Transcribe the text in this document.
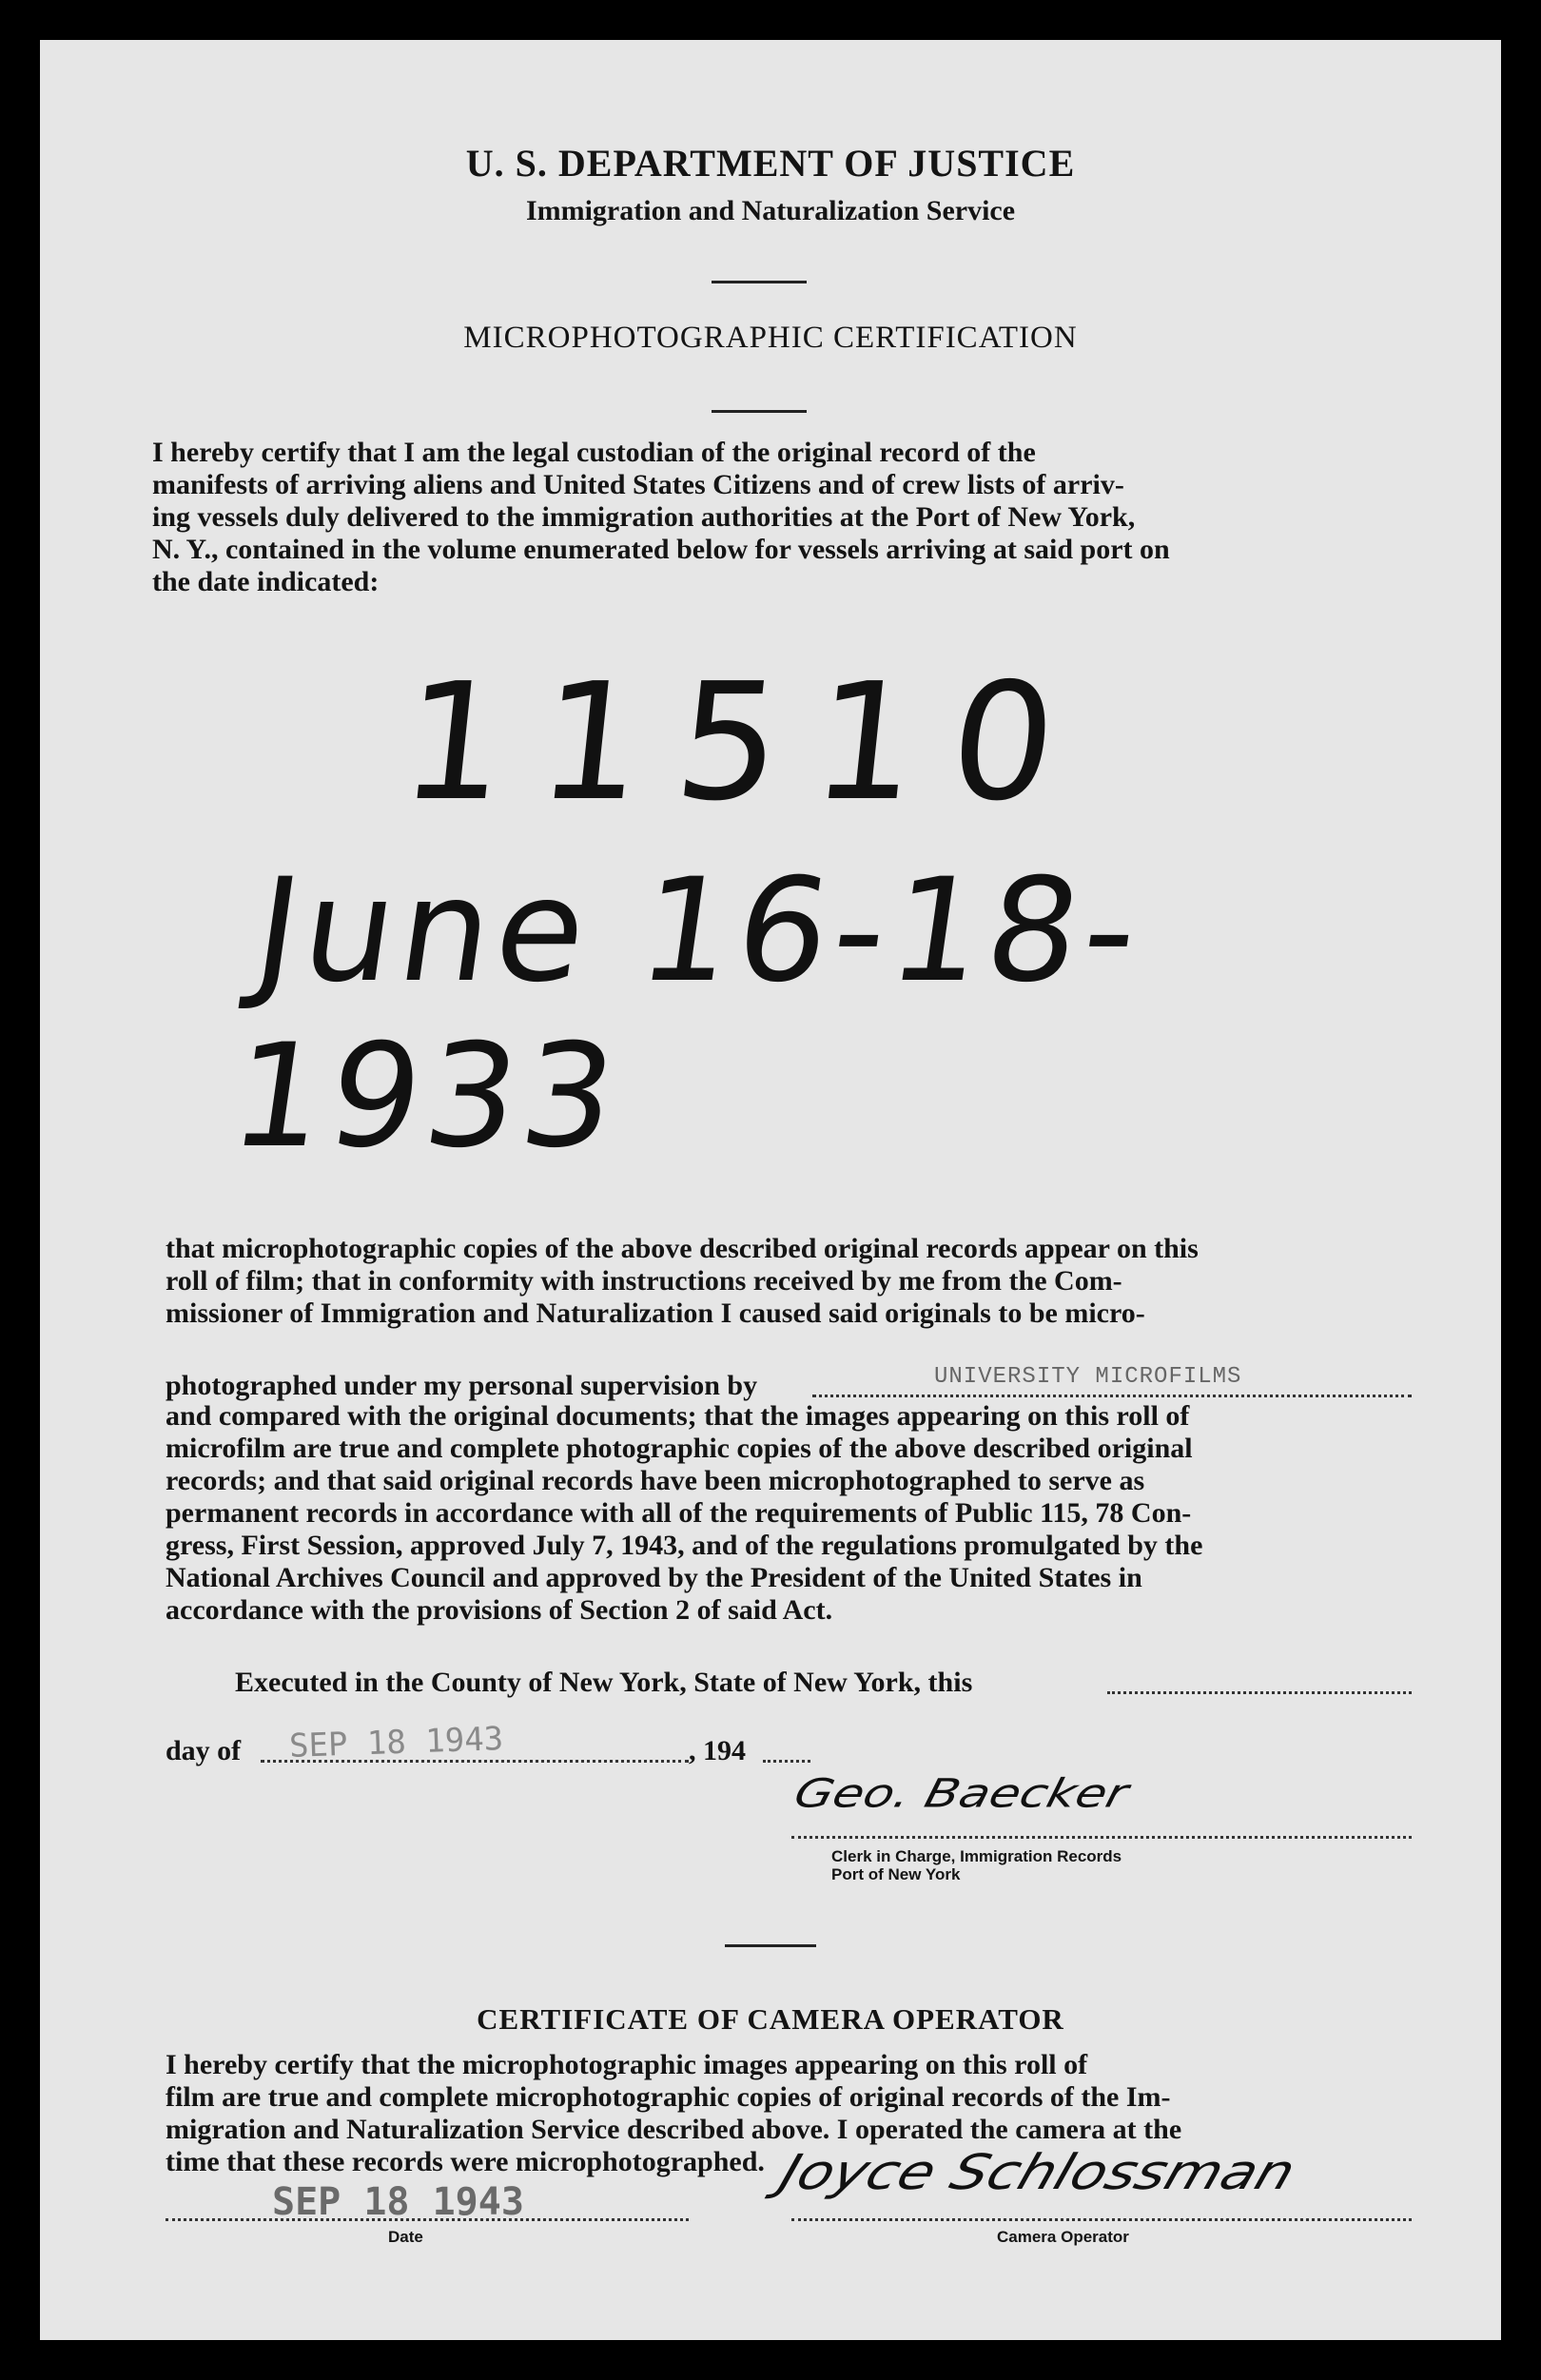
U. S. DEPARTMENT OF JUSTICE
Immigration and Naturalization Service
MICROPHOTOGRAPHIC CERTIFICATION
I hereby certify that I am the legal custodian of the original record of the
manifests of arriving aliens and United States Citizens and of crew lists of arriv-
ing vessels duly delivered to the immigration authorities at the Port of New York,
N. Y., contained in the volume enumerated below for vessels arriving at said port on
the date indicated:
11510
June 16-18-1933
that microphotographic copies of the above described original records appear on this
roll of film; that in conformity with instructions received by me from the Com-
missioner of Immigration and Naturalization I caused said originals to be micro-
photographed under my personal supervision by	UNIVERSITY MICROFILMS
and compared with the original documents; that the images appearing on this roll of
microfilm are true and complete photographic copies of the above described original
records; and that said original records have been microphotographed to serve as
permanent records in accordance with all of the requirements of Public 115, 78 Con-
gress, First Session, approved July 7, 1943, and of the regulations promulgated by the
National Archives Council and approved by the President of the United States in
accordance with the provisions of Section 2 of said Act.
Executed in the County of New York, State of New York, this
day of SEP 18 1943	, 194
Geo. Baecker
Clerk in Charge, Immigration Records
Port of New York
CERTIFICATE OF CAMERA OPERATOR
I hereby certify that the microphotographic images appearing on this roll of
film are true and complete microphotographic copies of original records of the Im-
migration and Naturalization Service described above. I operated the camera at the
time that these records were microphotographed.
SEP 18 1943
Date
Joyce Schlossman
Camera Operator
